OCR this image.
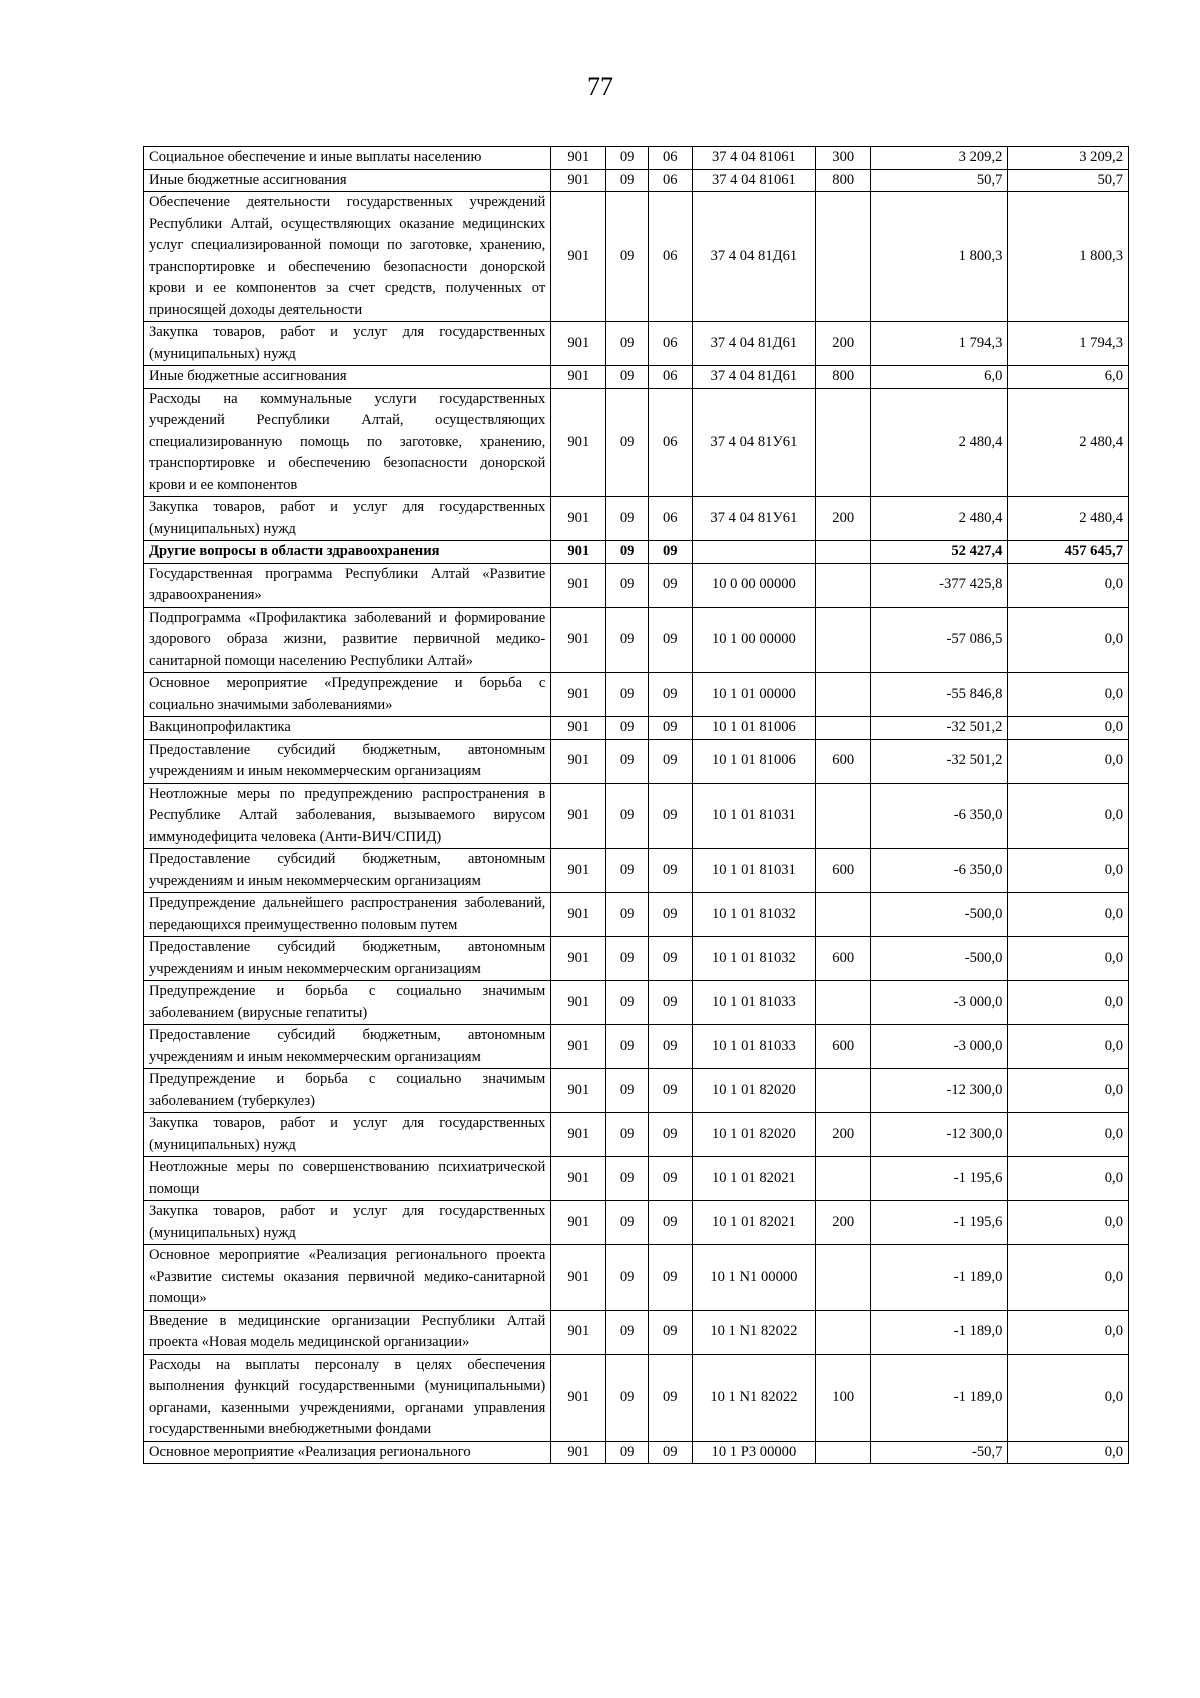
77
Социальное обеспечение и иные выплаты населению	901	09	06	37 4 04 81061	300	3 209,2	3 209,2
Иные бюджетные ассигнования	901	09	06	37 4 04 81061	800	50,7	50,7
Обеспечение деятельности государственных учреждений Республики Алтай, осуществляющих оказание медицинских услуг специализированной помощи по заготовке, хранению, транспортировке и обеспечению безопасности донорской крови и ее компонентов за счет средств, полученных от приносящей доходы деятельности	901	09	06	37 4 04 81Д61		1 800,3	1 800,3
Закупка товаров, работ и услуг для государственных (муниципальных) нужд	901	09	06	37 4 04 81Д61	200	1 794,3	1 794,3
Иные бюджетные ассигнования	901	09	06	37 4 04 81Д61	800	6,0	6,0
Расходы на коммунальные услуги государственных учреждений Республики Алтай, осуществляющих специализированную помощь по заготовке, хранению, транспортировке и обеспечению безопасности донорской крови и ее компонентов	901	09	06	37 4 04 81У61		2 480,4	2 480,4
Закупка товаров, работ и услуг для государственных (муниципальных) нужд	901	09	06	37 4 04 81У61	200	2 480,4	2 480,4
Другие вопросы в области здравоохранения	901	09	09			52 427,4	457 645,7
Государственная программа Республики Алтай «Развитие здравоохранения»	901	09	09	10 0 00 00000		-377 425,8	0,0
Подпрограмма «Профилактика заболеваний и формирование здорового образа жизни, развитие первичной медико-санитарной помощи населению Республики Алтай»	901	09	09	10 1 00 00000		-57 086,5	0,0
Основное мероприятие «Предупреждение и борьба с социально значимыми заболеваниями»	901	09	09	10 1 01 00000		-55 846,8	0,0
Вакцинопрофилактика	901	09	09	10 1 01 81006		-32 501,2	0,0
Предоставление субсидий бюджетным, автономным учреждениям и иным некоммерческим организациям	901	09	09	10 1 01 81006	600	-32 501,2	0,0
Неотложные меры по предупреждению распространения в Республике Алтай заболевания, вызываемого вирусом иммунодефицита человека (Анти-ВИЧ/СПИД)	901	09	09	10 1 01 81031		-6 350,0	0,0
Предоставление субсидий бюджетным, автономным учреждениям и иным некоммерческим организациям	901	09	09	10 1 01 81031	600	-6 350,0	0,0
Предупреждение дальнейшего распространения заболеваний, передающихся преимущественно половым путем	901	09	09	10 1 01 81032		-500,0	0,0
Предоставление субсидий бюджетным, автономным учреждениям и иным некоммерческим организациям	901	09	09	10 1 01 81032	600	-500,0	0,0
Предупреждение и борьба с социально значимым заболеванием (вирусные гепатиты)	901	09	09	10 1 01 81033		-3 000,0	0,0
Предоставление субсидий бюджетным, автономным учреждениям и иным некоммерческим организациям	901	09	09	10 1 01 81033	600	-3 000,0	0,0
Предупреждение и борьба с социально значимым заболеванием (туберкулез)	901	09	09	10 1 01 82020		-12 300,0	0,0
Закупка товаров, работ и услуг для государственных (муниципальных) нужд	901	09	09	10 1 01 82020	200	-12 300,0	0,0
Неотложные меры по совершенствованию психиатрической помощи	901	09	09	10 1 01 82021		-1 195,6	0,0
Закупка товаров, работ и услуг для государственных (муниципальных) нужд	901	09	09	10 1 01 82021	200	-1 195,6	0,0
Основное мероприятие «Реализация регионального проекта «Развитие системы оказания первичной медико-санитарной помощи»	901	09	09	10 1 N1 00000		-1 189,0	0,0
Введение в медицинские организации Республики Алтай проекта «Новая модель медицинской организации»	901	09	09	10 1 N1 82022		-1 189,0	0,0
Расходы на выплаты персоналу в целях обеспечения выполнения функций государственными (муниципальными) органами, казенными учреждениями, органами управления государственными внебюджетными фондами	901	09	09	10 1 N1 82022	100	-1 189,0	0,0
Основное мероприятие «Реализация регионального	901	09	09	10 1 P3 00000		-50,7	0,0
